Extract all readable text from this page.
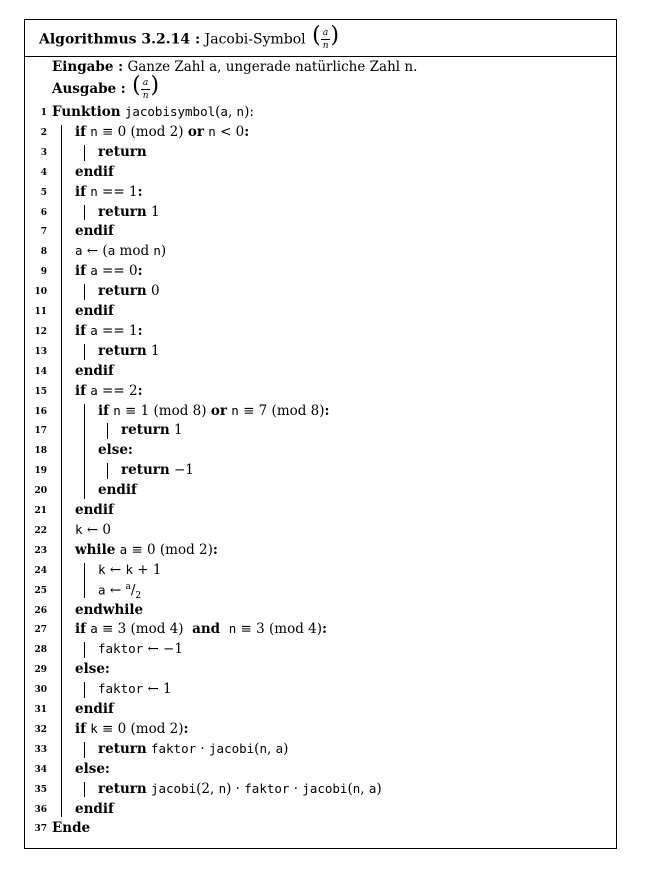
Algorithmus 3.2.14 : Jacobi-Symbol ( a
n )
Eingabe : Ganze Zahl a, ungerade natürliche Zahl n.
Ausgabe : ( a
n )
1 Funktion jacobisymbol(a, n):
2 if n ≡ 0 (mod 2) or n < 0:
3	return
4 endif
5 if n == 1:
6	return 1
7 endif
8 a ← (a mod n)
9 if a == 0:
10	return 0
11 endif
12 if a == 1:
13	return 1
14 endif
15 if a == 2:
16	if n ≡ 1 (mod 8) or n ≡ 7 (mod 8):
17	return 1
18	else:
19	return −1
20	endif
21 endif
22 k ← 0
23 while a ≡ 0 (mod 2):
24	k ← k + 1
25	a ← $^a/_2$
26 endwhile
27 if a ≡ 3 (mod 4)  and n ≡ 3 (mod 4):
28	faktor ← −1
29 else:
30	faktor ← 1
31 endif
32 if k ≡ 0 (mod 2):
33	return faktor · jacobi(n, a)
34 else:
35	return jacobi(2, n) · faktor · jacobi(n, a)
36 endif
37 Ende
